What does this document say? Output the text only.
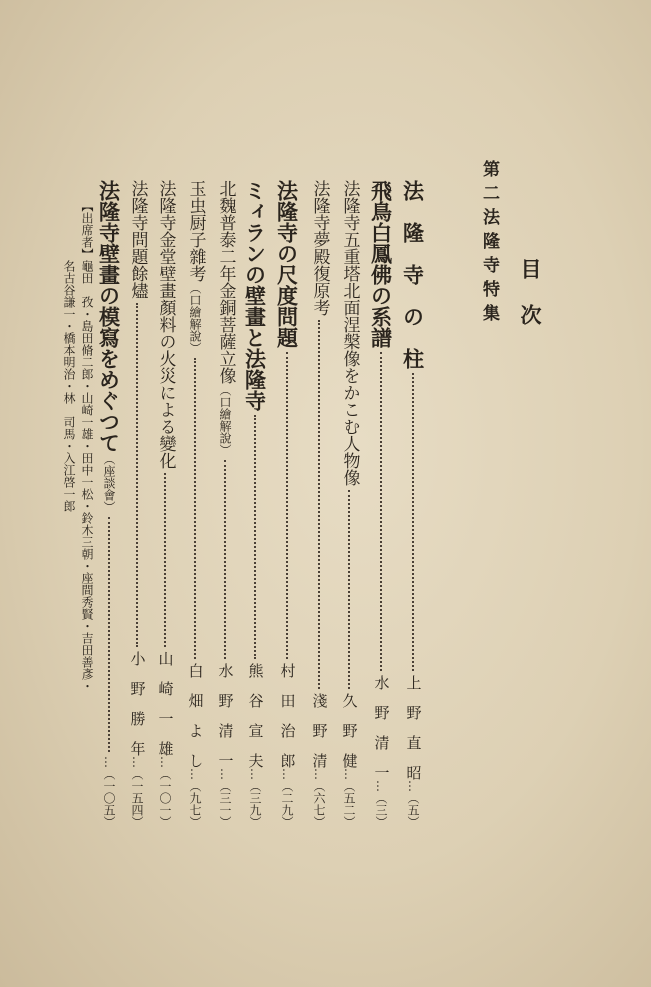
目　次
第二法隆寺特集
法　隆　寺　の　柱
上　野　直　昭
…（五）
飛鳥白鳳佛の系譜
水　野　清　一
…（三）
法隆寺五重塔北面涅槃像をかこむ人物像
久　野　健
…（五二）
法隆寺夢殿復原考
淺　野　清
…（六七）
法隆寺の尺度問題
村　田　治　郎
…（二九）
ミィランの壁畫と法隆寺
熊　谷　宣　夫
…（三九）
北魏普泰二年金銅菩薩立像
（口繪解說）
水　野　清　一
…（三一）
玉虫厨子雜考
（口繪解說）
白　畑　よ　し
…（九七）
法隆寺金堂壁畫顏料の火災による變化
山　崎　一　雄
…（一〇一）
法隆寺問題餘燼
小　野　勝　年
…（一五四）
法隆寺壁畫の模寫をめぐつて
（座談會）
…（一〇五）
【出席者】龜田　孜・島田脩二郎・山崎一雄・田中一松・鈴木三朝・座間秀賢・吉田善彥・
名古谷謙一・橋本明治・林　司馬・入江啓一郎
